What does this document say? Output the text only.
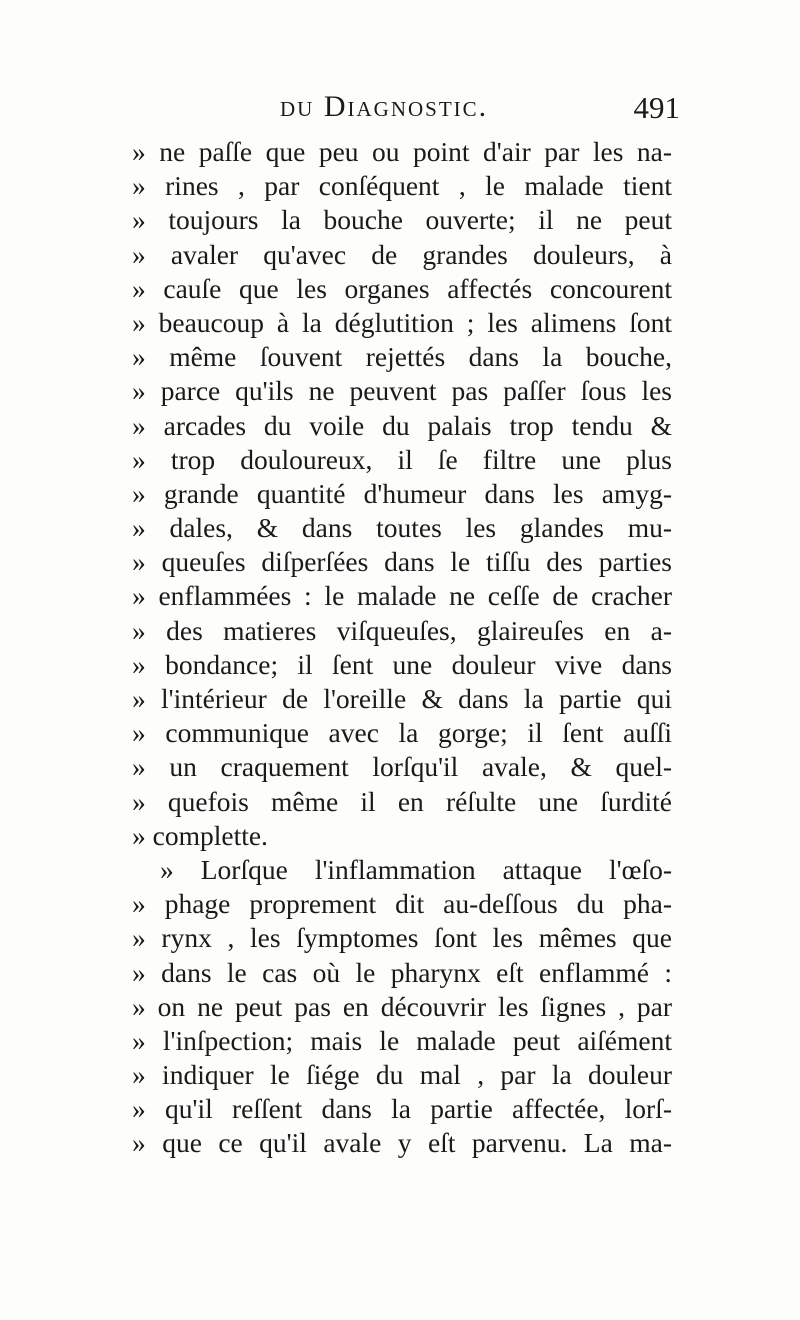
du Diagnostic.	491
» ne paſſe que peu ou point d'air par les na-
» rines , par conſéquent , le malade tient
» toujours la bouche ouverte; il ne peut
» avaler qu'avec de grandes douleurs, à
» cauſe que les organes affectés concourent
» beaucoup à la déglutition ; les alimens ſont
» même ſouvent rejettés dans la bouche,
» parce qu'ils ne peuvent pas paſſer ſous les
» arcades du voile du palais trop tendu &
» trop douloureux, il ſe filtre une plus
» grande quantité d'humeur dans les amyg-
» dales, & dans toutes les glandes mu-
» queuſes diſperſées dans le tiſſu des parties
» enflammées : le malade ne ceſſe de cracher
» des matieres viſqueuſes, glaireuſes en a-
» bondance; il ſent une douleur vive dans
» l'intérieur de l'oreille & dans la partie qui
» communique avec la gorge; il ſent auſſi
» un craquement lorſqu'il avale, & quel-
» quefois même il en réſulte une ſurdité
» complette.
» Lorſque l'inflammation attaque l'œſo-
» phage proprement dit au-deſſous du pha-
» rynx , les ſymptomes ſont les mêmes que
» dans le cas où le pharynx eſt enflammé :
» on ne peut pas en découvrir les ſignes , par
» l'inſpection; mais le malade peut aiſément
» indiquer le ſiége du mal , par la douleur
» qu'il reſſent dans la partie affectée, lorſ-
» que ce qu'il avale y eſt parvenu. La ma-
